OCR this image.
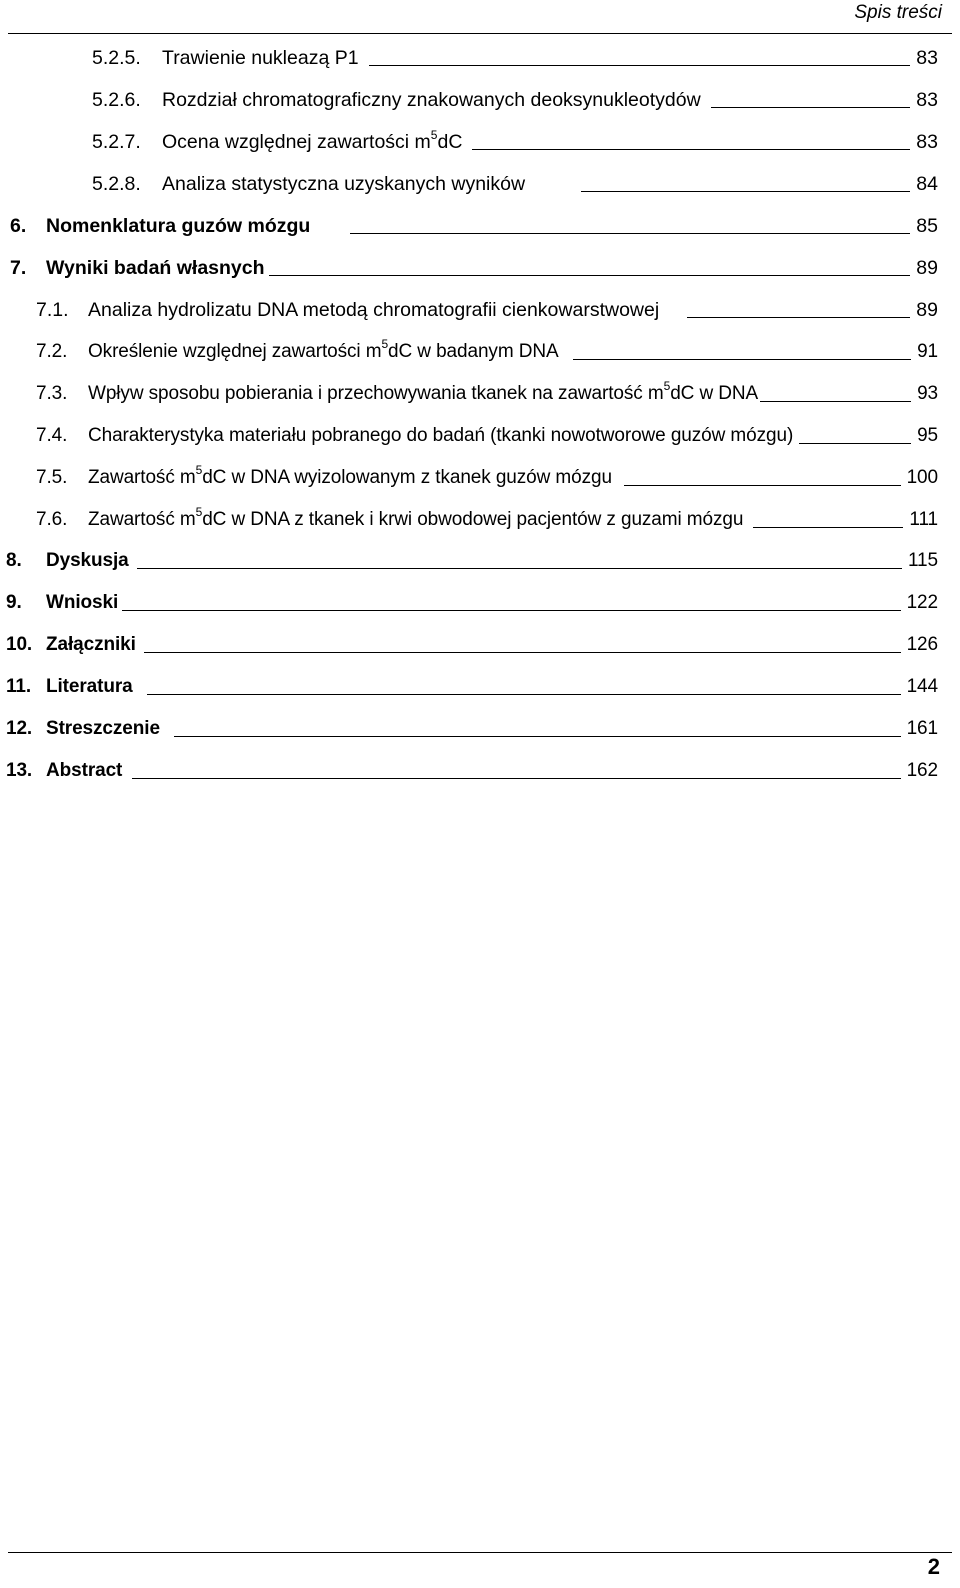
Spis treści
5.2.5.	Trawienie nukleazą P1	83
5.2.6.	Rozdział chromatograficzny znakowanych deoksynukleotydów	83
5.2.7.	Ocena względnej zawartości $m^5dC$	83
5.2.8.	Analiza statystyczna uzyskanych wyników	84
6.	Nomenklatura guzów mózgu	85
7.	Wyniki badań własnych	89
7.1. Analiza hydrolizatu DNA metodą chromatografii cienkowarstwowej	89
7.2.	Określenie względnej zawartości $m^5dC$ w badanym DNA	91
7.3.	Wpływ sposobu pobierania i przechowywania tkanek na zawartość $m^5dC$ w DNA	93
7.4.	Charakterystyka materiału pobranego do badań (tkanki nowotworowe guzów mózgu)	95
7.5.	Zawartość $m^5dC$ w DNA wyizolowanym z tkanek guzów mózgu	100
7.6.	Zawartość $m^5dC$ w DNA z tkanek i krwi obwodowej pacjentów z guzami mózgu	111
8.	Dyskusja	115
9.	Wnioski	122
10. Załączniki	126
11. Literatura	144
12. Streszczenie	161
13. Abstract	162
2
